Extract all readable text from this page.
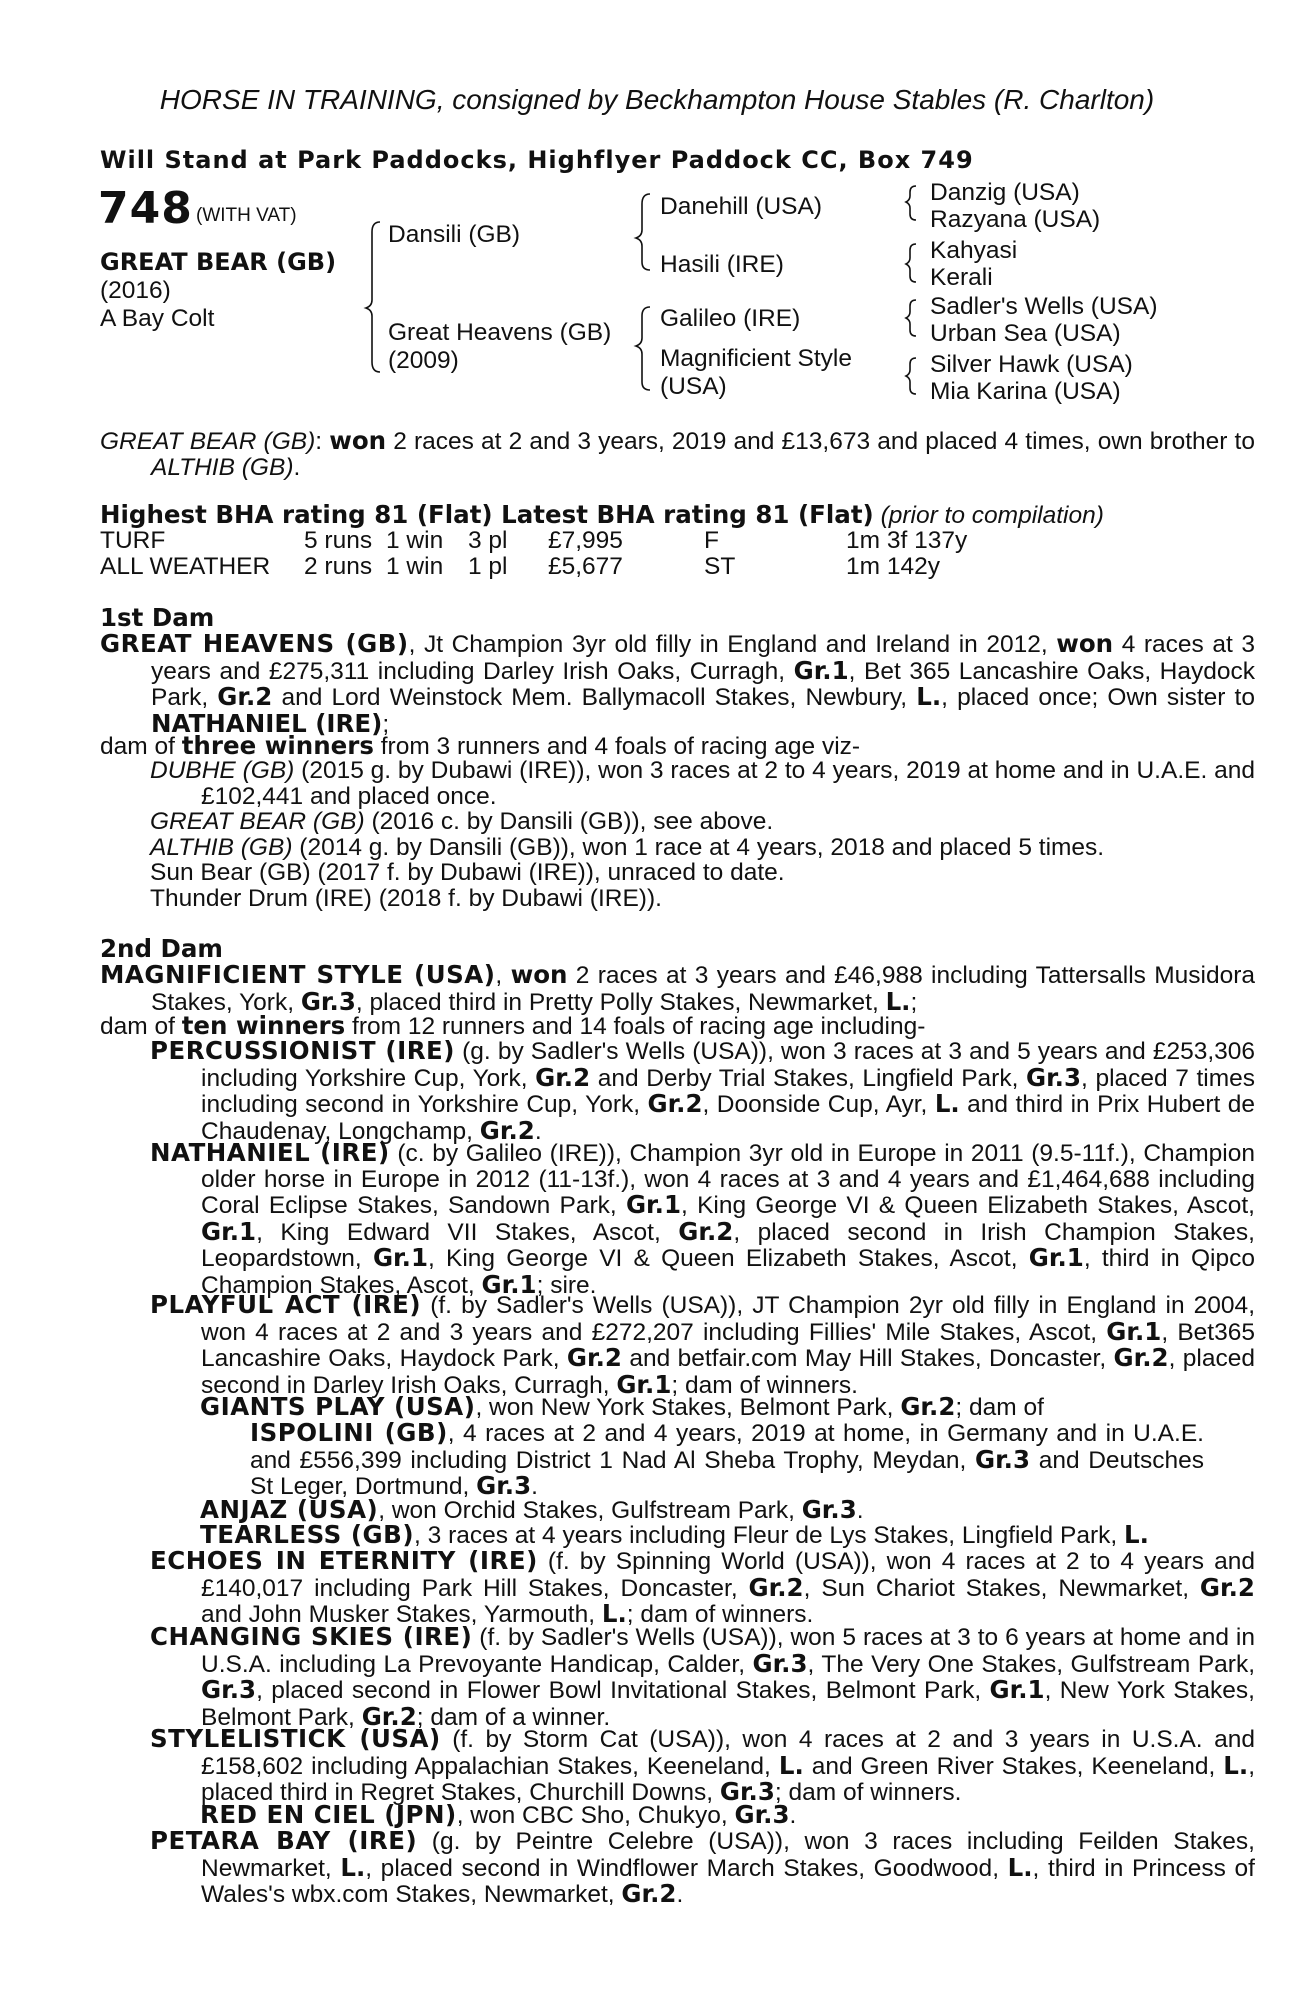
HORSE IN TRAINING, consigned by Beckhampton House Stables (R. Charlton)
Will Stand at Park Paddocks, Highflyer Paddock CC, Box 749
748 (WITH VAT)
GREAT BEAR (GB)
(2016)
A Bay Colt
Dansili (GB)
Great Heavens (GB)
(2009)
Danehill (USA)
Hasili (IRE)
Galileo (IRE)
Magnificient Style
(USA)
Danzig (USA)
Razyana (USA)
Kahyasi
Kerali
Sadler's Wells (USA)
Urban Sea (USA)
Silver Hawk (USA)
Mia Karina (USA)
GREAT BEAR (GB): won 2 races at 2 and 3 years, 2019 and £13,673 and placed 4 times, own brother to ALTHIB (GB).
Highest BHA rating 81 (Flat) Latest BHA rating 81 (Flat) (prior to compilation)
TURF	5 runs 1 win 3 pl £7,995	F	1m 3f 137y
ALL WEATHER 2 runs 1 win 1 pl £5,677	ST	1m 142y
1st Dam
GREAT HEAVENS (GB), Jt Champion 3yr old filly in England and Ireland in 2012, won 4 races at 3 years and £275,311 including Darley Irish Oaks, Curragh, Gr.1, Bet 365 Lancashire Oaks, Haydock Park, Gr.2 and Lord Weinstock Mem. Ballymacoll Stakes, Newbury, L., placed once; Own sister to NATHANIEL (IRE);
dam of three winners from 3 runners and 4 foals of racing age viz-
DUBHE (GB) (2015 g. by Dubawi (IRE)), won 3 races at 2 to 4 years, 2019 at home and in U.A.E. and £102,441 and placed once.
GREAT BEAR (GB) (2016 c. by Dansili (GB)), see above.
ALTHIB (GB) (2014 g. by Dansili (GB)), won 1 race at 4 years, 2018 and placed 5 times.
Sun Bear (GB) (2017 f. by Dubawi (IRE)), unraced to date.
Thunder Drum (IRE) (2018 f. by Dubawi (IRE)).
2nd Dam
MAGNIFICIENT STYLE (USA), won 2 races at 3 years and £46,988 including Tattersalls Musidora Stakes, York, Gr.3, placed third in Pretty Polly Stakes, Newmarket, L.;
dam of ten winners from 12 runners and 14 foals of racing age including-
PERCUSSIONIST (IRE) (g. by Sadler's Wells (USA)), won 3 races at 3 and 5 years and £253,306 including Yorkshire Cup, York, Gr.2 and Derby Trial Stakes, Lingfield Park, Gr.3, placed 7 times including second in Yorkshire Cup, York, Gr.2, Doonside Cup, Ayr, L. and third in Prix Hubert de Chaudenay, Longchamp, Gr.2.
NATHANIEL (IRE) (c. by Galileo (IRE)), Champion 3yr old in Europe in 2011 (9.5-11f.), Champion older horse in Europe in 2012 (11-13f.), won 4 races at 3 and 4 years and £1,464,688 including Coral Eclipse Stakes, Sandown Park, Gr.1, King George VI & Queen Elizabeth Stakes, Ascot, Gr.1, King Edward VII Stakes, Ascot, Gr.2, placed second in Irish Champion Stakes, Leopardstown, Gr.1, King George VI & Queen Elizabeth Stakes, Ascot, Gr.1, third in Qipco Champion Stakes, Ascot, Gr.1; sire.
PLAYFUL ACT (IRE) (f. by Sadler's Wells (USA)), JT Champion 2yr old filly in England in 2004, won 4 races at 2 and 3 years and £272,207 including Fillies' Mile Stakes, Ascot, Gr.1, Bet365 Lancashire Oaks, Haydock Park, Gr.2 and betfair.com May Hill Stakes, Doncaster, Gr.2, placed second in Darley Irish Oaks, Curragh, Gr.1; dam of winners.
GIANTS PLAY (USA), won New York Stakes, Belmont Park, Gr.2; dam of
ISPOLINI (GB), 4 races at 2 and 4 years, 2019 at home, in Germany and in U.A.E. and £556,399 including District 1 Nad Al Sheba Trophy, Meydan, Gr.3 and Deutsches St Leger, Dortmund, Gr.3.
ANJAZ (USA), won Orchid Stakes, Gulfstream Park, Gr.3.
TEARLESS (GB), 3 races at 4 years including Fleur de Lys Stakes, Lingfield Park, L.
ECHOES IN ETERNITY (IRE) (f. by Spinning World (USA)), won 4 races at 2 to 4 years and £140,017 including Park Hill Stakes, Doncaster, Gr.2, Sun Chariot Stakes, Newmarket, Gr.2 and John Musker Stakes, Yarmouth, L.; dam of winners.
CHANGING SKIES (IRE) (f. by Sadler's Wells (USA)), won 5 races at 3 to 6 years at home and in U.S.A. including La Prevoyante Handicap, Calder, Gr.3, The Very One Stakes, Gulfstream Park, Gr.3, placed second in Flower Bowl Invitational Stakes, Belmont Park, Gr.1, New York Stakes, Belmont Park, Gr.2; dam of a winner.
STYLELISTICK (USA) (f. by Storm Cat (USA)), won 4 races at 2 and 3 years in U.S.A. and £158,602 including Appalachian Stakes, Keeneland, L. and Green River Stakes, Keeneland, L., placed third in Regret Stakes, Churchill Downs, Gr.3; dam of winners.
RED EN CIEL (JPN), won CBC Sho, Chukyo, Gr.3.
PETARA BAY (IRE) (g. by Peintre Celebre (USA)), won 3 races including Feilden Stakes, Newmarket, L., placed second in Windflower March Stakes, Goodwood, L., third in Princess of Wales's wbx.com Stakes, Newmarket, Gr.2.
